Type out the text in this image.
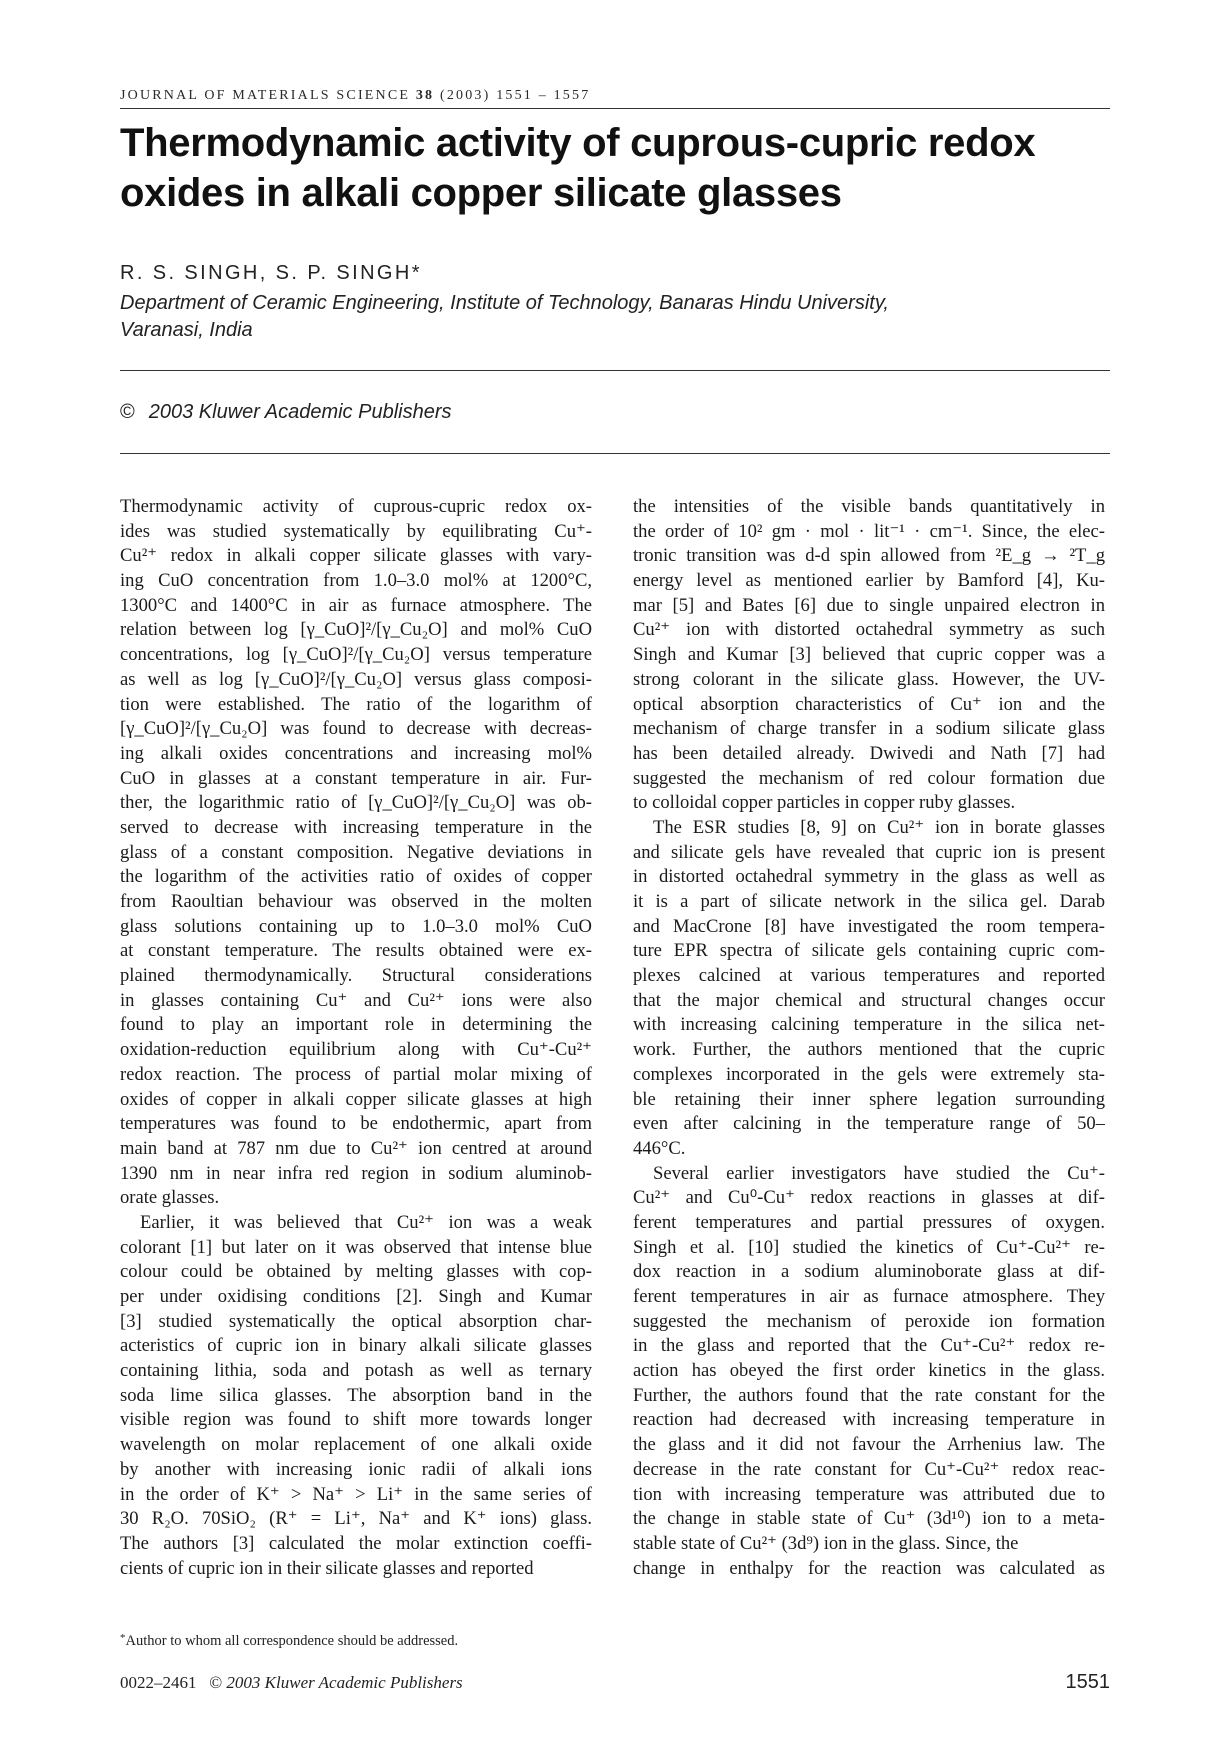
JOURNAL OF MATERIALS SCIENCE 38 (2003) 1551 – 1557
Thermodynamic activity of cuprous-cupric redox
oxides in alkali copper silicate glasses
R. S. SINGH, S. P. SINGH*
Department of Ceramic Engineering, Institute of Technology, Banaras Hindu University,
Varanasi, India
© 2003 Kluwer Academic Publishers
Thermodynamic activity of cuprous-cupric redox ox-
ides was studied systematically by equilibrating Cu⁺-
Cu²⁺ redox in alkali copper silicate glasses with vary-
ing CuO concentration from 1.0–3.0 mol% at 1200°C,
1300°C and 1400°C in air as furnace atmosphere. The
relation between log [γ_CuO]²/[γ_Cu₂O] and mol% CuO
concentrations, log [γ_CuO]²/[γ_Cu₂O] versus temperature
as well as log [γ_CuO]²/[γ_Cu₂O] versus glass composi-
tion were established. The ratio of the logarithm of
[γ_CuO]²/[γ_Cu₂O] was found to decrease with decreas-
ing alkali oxides concentrations and increasing mol%
CuO in glasses at a constant temperature in air. Fur-
ther, the logarithmic ratio of [γ_CuO]²/[γ_Cu₂O] was ob-
served to decrease with increasing temperature in the
glass of a constant composition. Negative deviations in
the logarithm of the activities ratio of oxides of copper
from Raoultian behaviour was observed in the molten
glass solutions containing up to 1.0–3.0 mol% CuO
at constant temperature. The results obtained were ex-
plained thermodynamically. Structural considerations
in glasses containing Cu⁺ and Cu²⁺ ions were also
found to play an important role in determining the
oxidation-reduction equilibrium along with Cu⁺-Cu²⁺
redox reaction. The process of partial molar mixing of
oxides of copper in alkali copper silicate glasses at high
temperatures was found to be endothermic, apart from
main band at 787 nm due to Cu²⁺ ion centred at around
1390 nm in near infra red region in sodium aluminob-
orate glasses.
Earlier, it was believed that Cu²⁺ ion was a weak
colorant [1] but later on it was observed that intense blue
colour could be obtained by melting glasses with cop-
per under oxidising conditions [2]. Singh and Kumar
[3] studied systematically the optical absorption char-
acteristics of cupric ion in binary alkali silicate glasses
containing lithia, soda and potash as well as ternary
soda lime silica glasses. The absorption band in the
visible region was found to shift more towards longer
wavelength on molar replacement of one alkali oxide
by another with increasing ionic radii of alkali ions
in the order of K⁺ > Na⁺ > Li⁺ in the same series of
30 R₂O. 70SiO₂ (R⁺ = Li⁺, Na⁺ and K⁺ ions) glass.
The authors [3] calculated the molar extinction coeffi-
cients of cupric ion in their silicate glasses and reported
the intensities of the visible bands quantitatively in
the order of 10² gm · mol · lit⁻¹ · cm⁻¹. Since, the elec-
tronic transition was d-d spin allowed from ²E_g → ²T_g
energy level as mentioned earlier by Bamford [4], Ku-
mar [5] and Bates [6] due to single unpaired electron in
Cu²⁺ ion with distorted octahedral symmetry as such
Singh and Kumar [3] believed that cupric copper was a
strong colorant in the silicate glass. However, the UV-
optical absorption characteristics of Cu⁺ ion and the
mechanism of charge transfer in a sodium silicate glass
has been detailed already. Dwivedi and Nath [7] had
suggested the mechanism of red colour formation due
to colloidal copper particles in copper ruby glasses.
The ESR studies [8, 9] on Cu²⁺ ion in borate glasses
and silicate gels have revealed that cupric ion is present
in distorted octahedral symmetry in the glass as well as
it is a part of silicate network in the silica gel. Darab
and MacCrone [8] have investigated the room tempera-
ture EPR spectra of silicate gels containing cupric com-
plexes calcined at various temperatures and reported
that the major chemical and structural changes occur
with increasing calcining temperature in the silica net-
work. Further, the authors mentioned that the cupric
complexes incorporated in the gels were extremely sta-
ble retaining their inner sphere legation surrounding
even after calcining in the temperature range of 50–
446°C.
Several earlier investigators have studied the Cu⁺-
Cu²⁺ and Cu⁰-Cu⁺ redox reactions in glasses at dif-
ferent temperatures and partial pressures of oxygen.
Singh et al. [10] studied the kinetics of Cu⁺-Cu²⁺ re-
dox reaction in a sodium aluminoborate glass at dif-
ferent temperatures in air as furnace atmosphere. They
suggested the mechanism of peroxide ion formation
in the glass and reported that the Cu⁺-Cu²⁺ redox re-
action has obeyed the first order kinetics in the glass.
Further, the authors found that the rate constant for the
reaction had decreased with increasing temperature in
the glass and it did not favour the Arrhenius law. The
decrease in the rate constant for Cu⁺-Cu²⁺ redox reac-
tion with increasing temperature was attributed due to
the change in stable state of Cu⁺ (3d¹⁰) ion to a meta-
stable state of Cu²⁺ (3d⁹) ion in the glass. Since, the
change in enthalpy for the reaction was calculated as
*Author to whom all correspondence should be addressed.
0022–2461 © 2003 Kluwer Academic Publishers	1551
